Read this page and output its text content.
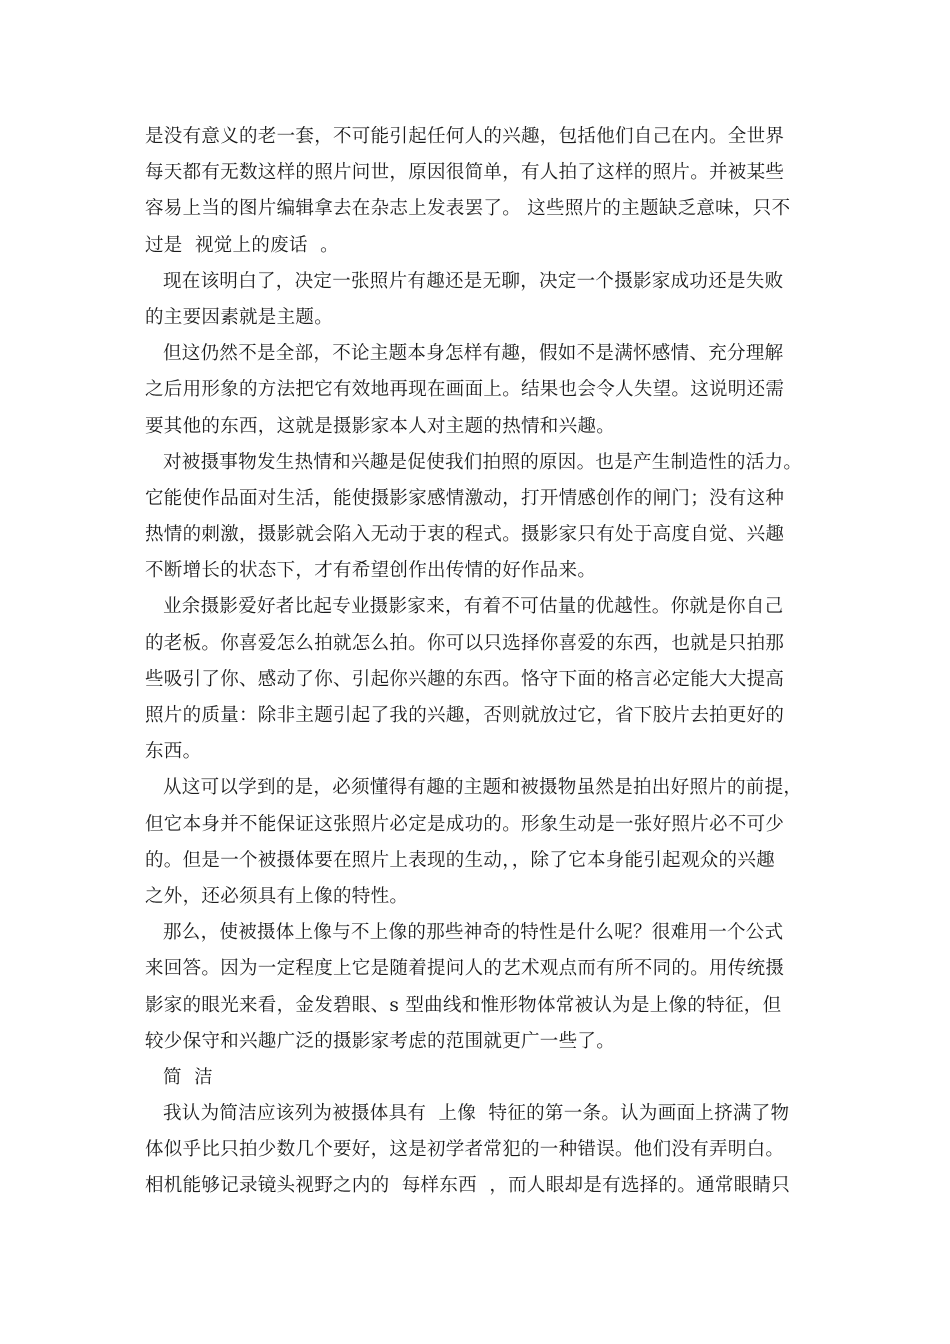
是没有意义的老一套，不可能引起任何人的兴趣，包括他们自己在内。全世界
每天都有无数这样的照片问世，原因很简单，有人拍了这样的照片。并被某些
容易上当的图片编辑拿去在杂志上发表罢了。 这些照片的主题缺乏意味，只不
过是  视觉上的废话  。
现在该明白了，决定一张照片有趣还是无聊，决定一个摄影家成功还是失败
的主要因素就是主题。
但这仍然不是全部，不论主题本身怎样有趣，假如不是满怀感情、充分理解
之后用形象的方法把它有效地再现在画面上。结果也会令人失望。这说明还需
要其他的东西，这就是摄影家本人对主题的热情和兴趣。
对被摄事物发生热情和兴趣是促使我们拍照的原因。也是产生制造性的活力。
它能使作品面对生活，能使摄影家感情激动，打开情感创作的闸门；没有这种
热情的刺激，摄影就会陷入无动于衷的程式。摄影家只有处于高度自觉、兴趣
不断增长的状态下，才有希望创作出传情的好作品来。
业余摄影爱好者比起专业摄影家来，有着不可估量的优越性。你就是你自己
的老板。你喜爱怎么拍就怎么拍。你可以只选择你喜爱的东西，也就是只拍那
些吸引了你、感动了你、引起你兴趣的东西。恪守下面的格言必定能大大提高
照片的质量：除非主题引起了我的兴趣，否则就放过它，省下胶片去拍更好的
东西。
从这可以学到的是，必须懂得有趣的主题和被摄物虽然是拍出好照片的前提，
但它本身并不能保证这张照片必定是成功的。形象生动是一张好照片必不可少
的。但是一个被摄体要在照片上表现的生动，，除了它本身能引起观众的兴趣
之外，还必须具有上像的特性。
那么，使被摄体上像与不上像的那些神奇的特性是什么呢？很难用一个公式
来回答。因为一定程度上它是随着提问人的艺术观点而有所不同的。用传统摄
影家的眼光来看，金发碧眼、s 型曲线和惟形物体常被认为是上像的特征，但
较少保守和兴趣广泛的摄影家考虑的范围就更广一些了。
简  洁
我认为简洁应该列为被摄体具有  上像  特征的第一条。认为画面上挤满了物
体似乎比只拍少数几个要好，这是初学者常犯的一种错误。他们没有弄明白。
相机能够记录镜头视野之内的  每样东西  ，而人眼却是有选择的。通常眼睛只
